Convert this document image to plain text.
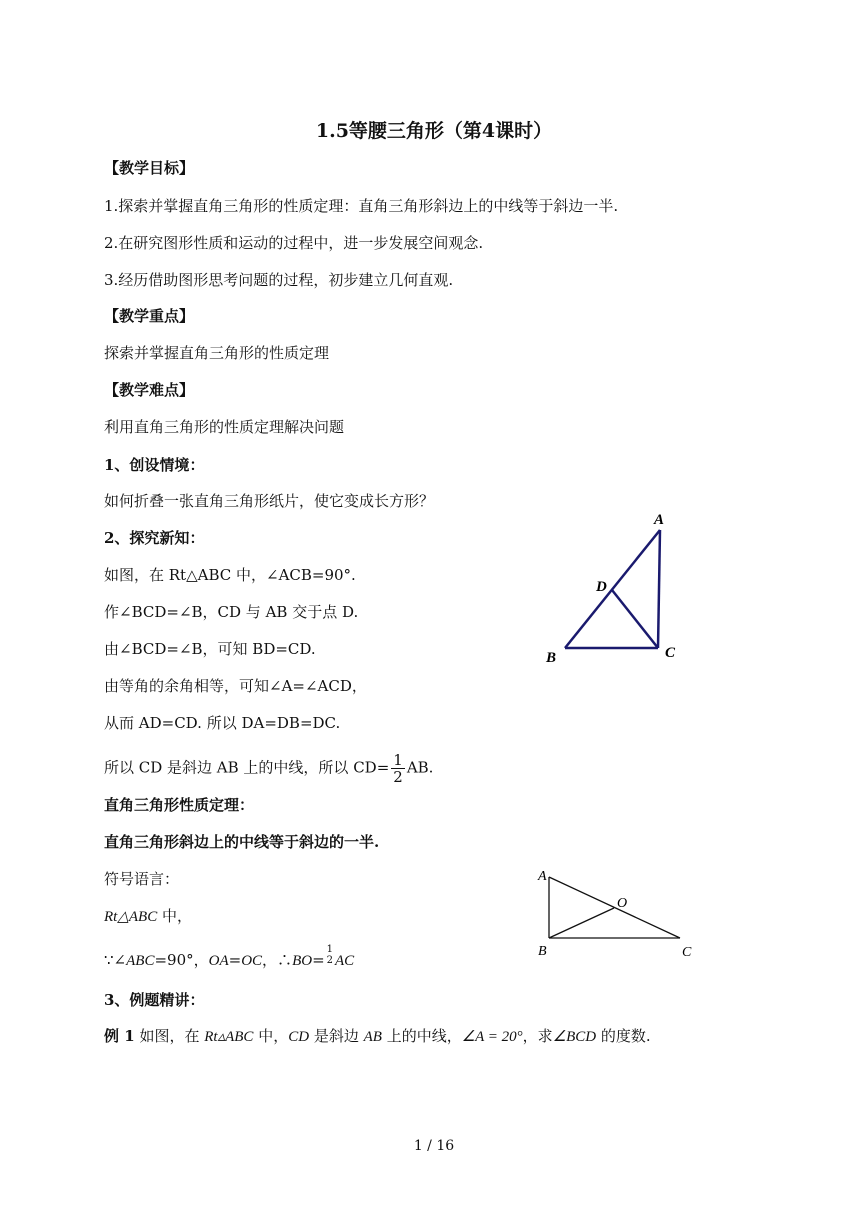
1.5等腰三角形（第4课时）
【教学目标】
1.探索并掌握直角三角形的性质定理：直角三角形斜边上的中线等于斜边一半.
2.在研究图形性质和运动的过程中，进一步发展空间观念.
3.经历借助图形思考问题的过程，初步建立几何直观.
【教学重点】
探索并掌握直角三角形的性质定理
【教学难点】
利用直角三角形的性质定理解决问题
1、创设情境：
如何折叠一张直角三角形纸片，使它变成长方形？
2、探究新知：
如图，在 Rt△ABC 中，∠ACB=90°.
作∠BCD=∠B，CD 与 AB 交于点 D.
由∠BCD=∠B，可知 BD=CD.
由等角的余角相等，可知∠A=∠ACD，
从而 AD=CD. 所以 DA=DB=DC.
所以 CD 是斜边 AB 上的中线，所以 $CD= \frac{1}{2}$ AB.
A
D
B	C
直角三角形性质定理：
直角三角形斜边上的中线等于斜边的一半.
符号语言：
Rt△ABC 中，
∵∠ABC=90°，OA=OC，∴BO=
1
2 AC
A
O
B	C
3、例题精讲：
例 1 如图，在 Rt▵ABC 中，CD 是斜边 AB 上的中线，∠A = 20°，求∠BCD 的度数.
1 / 16
